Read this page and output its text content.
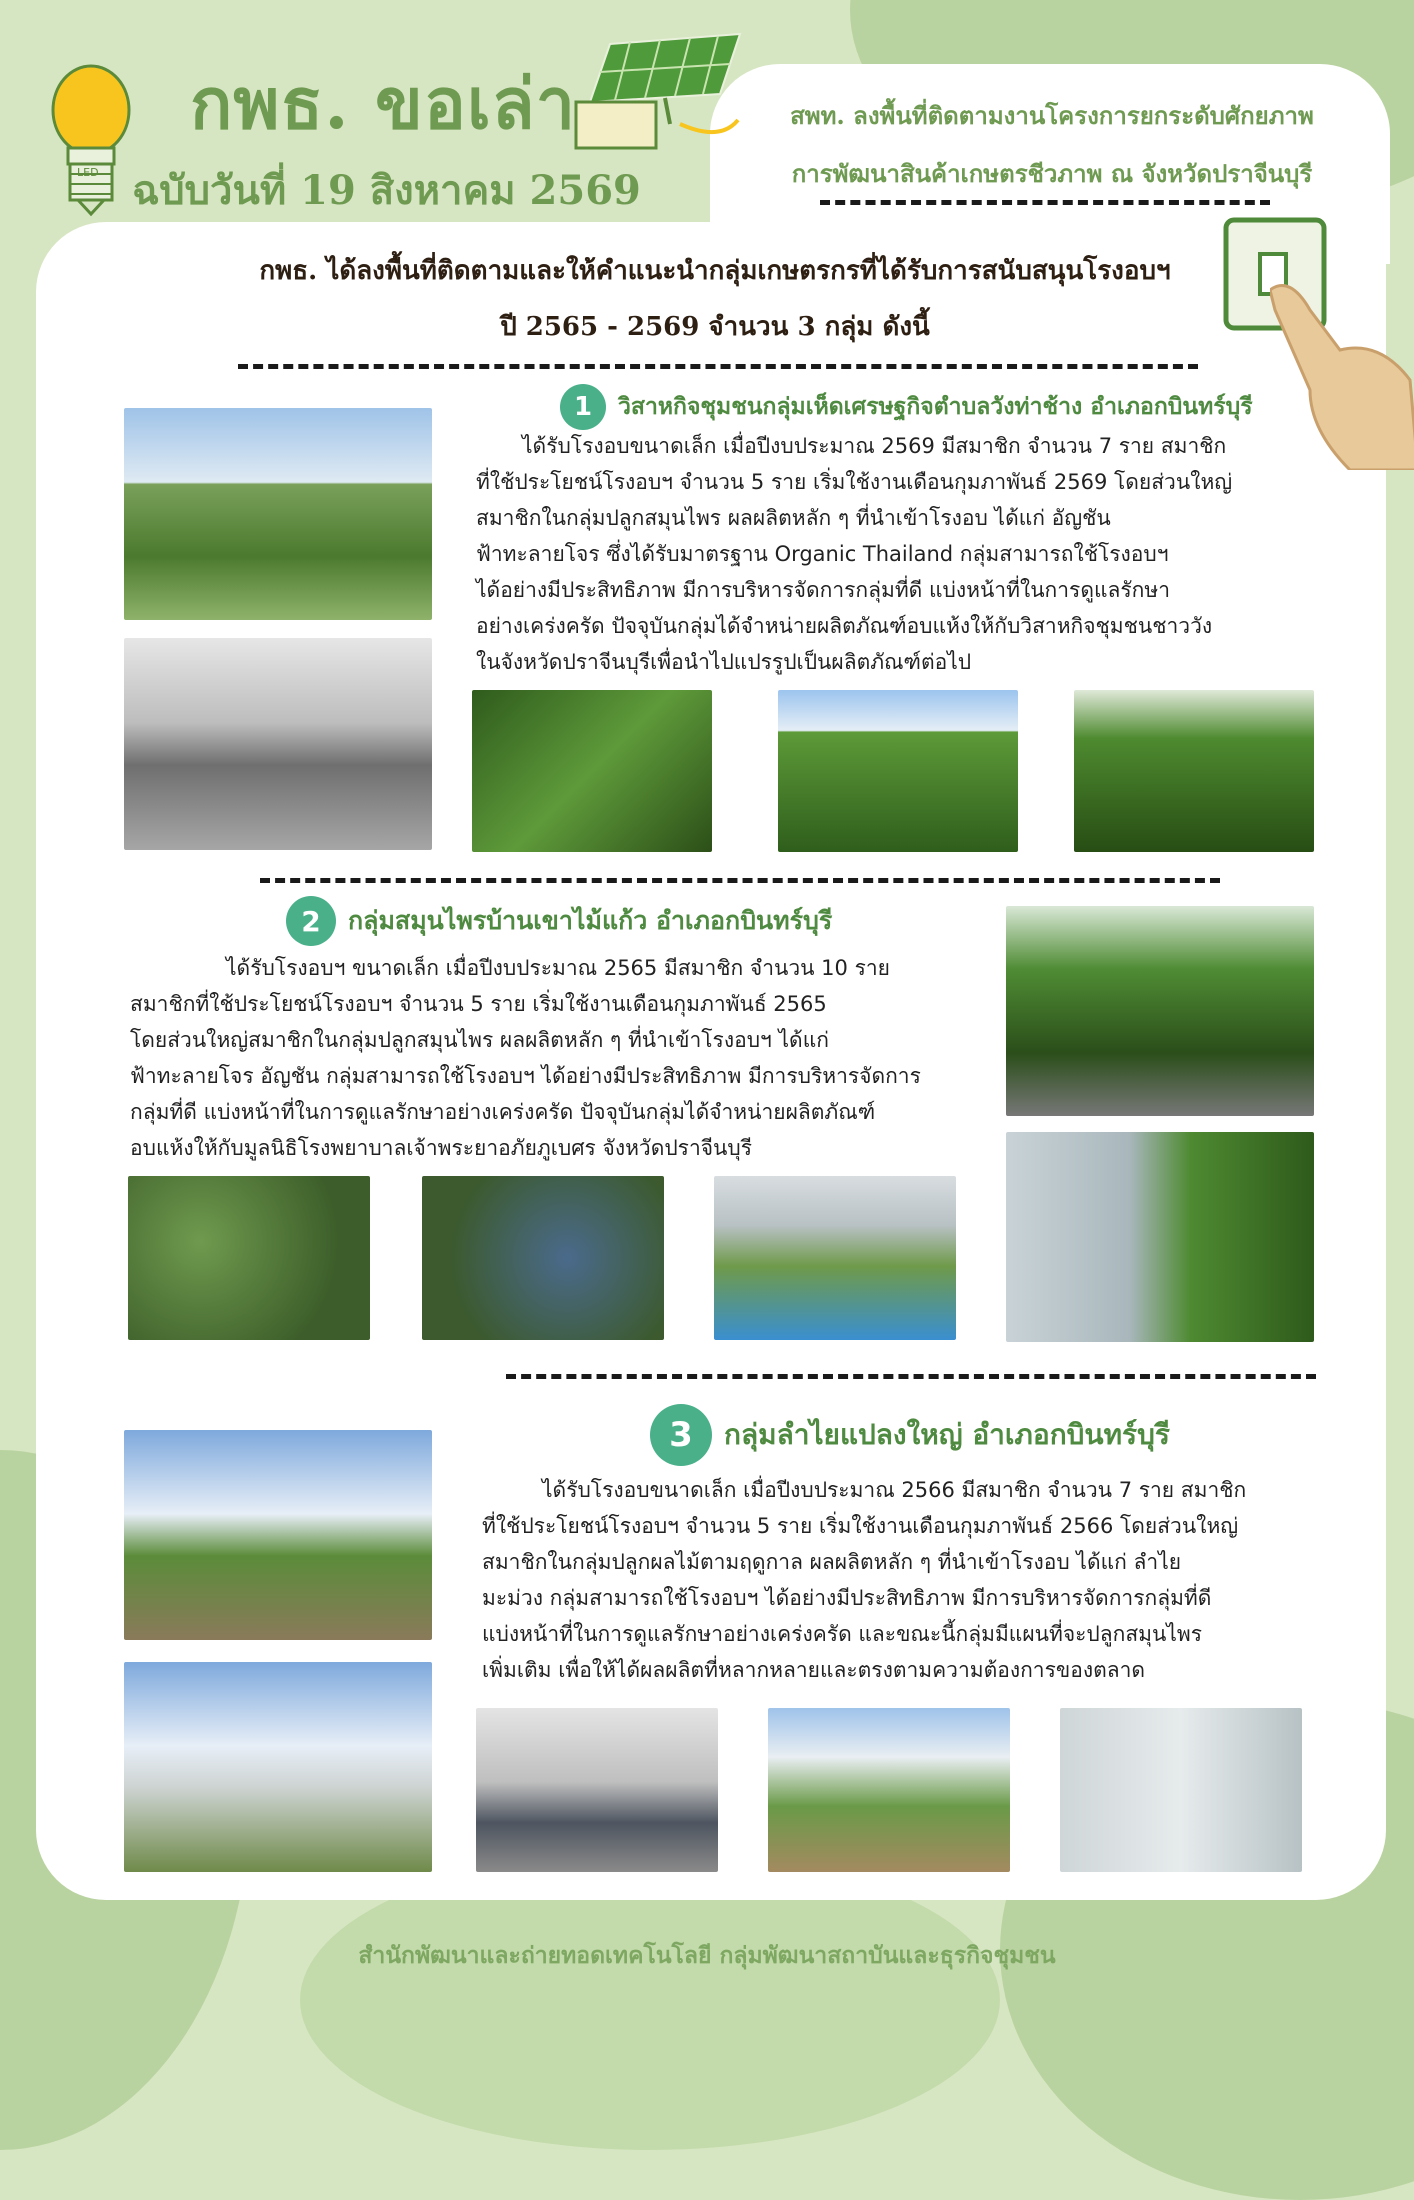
LED
กพธ. ขอเล่า
ฉบับวันที่ 19 สิงหาคม 2569
สพท. ลงพื้นที่ติดตามงานโครงการยกระดับศักยภาพ
การพัฒนาสินค้าเกษตรชีวภาพ ณ จังหวัดปราจีนบุรี
กพธ. ได้ลงพื้นที่ติดตามและให้คำแนะนำกลุ่มเกษตรกรที่ได้รับการสนับสนุนโรงอบฯ
ปี 2565 - 2569 จำนวน 3 กลุ่ม ดังนี้
1	วิสาหกิจชุมชนกลุ่มเห็ดเศรษฐกิจตำบลวังท่าช้าง อำเภอกบินทร์บุรี
ได้รับโรงอบขนาดเล็ก เมื่อปีงบประมาณ 2569 มีสมาชิก จำนวน 7 ราย สมาชิก
ที่ใช้ประโยชน์โรงอบฯ จำนวน 5 ราย เริ่มใช้งานเดือนกุมภาพันธ์ 2569 โดยส่วนใหญ่
สมาชิกในกลุ่มปลูกสมุนไพร ผลผลิตหลัก ๆ ที่นำเข้าโรงอบ ได้แก่ อัญชัน
ฟ้าทะลายโจร ซึ่งได้รับมาตรฐาน Organic Thailand กลุ่มสามารถใช้โรงอบฯ
ได้อย่างมีประสิทธิภาพ มีการบริหารจัดการกลุ่มที่ดี แบ่งหน้าที่ในการดูแลรักษา
อย่างเคร่งครัด ปัจจุบันกลุ่มได้จำหน่ายผลิตภัณฑ์อบแห้งให้กับวิสาหกิจชุมชนชาววัง
ในจังหวัดปราจีนบุรีเพื่อนำไปแปรรูปเป็นผลิตภัณฑ์ต่อไป
2	กลุ่มสมุนไพรบ้านเขาไม้แก้ว อำเภอกบินทร์บุรี
ได้รับโรงอบฯ ขนาดเล็ก เมื่อปีงบประมาณ 2565 มีสมาชิก จำนวน 10 ราย
สมาชิกที่ใช้ประโยชน์โรงอบฯ จำนวน 5 ราย เริ่มใช้งานเดือนกุมภาพันธ์ 2565
โดยส่วนใหญ่สมาชิกในกลุ่มปลูกสมุนไพร ผลผลิตหลัก ๆ ที่นำเข้าโรงอบฯ ได้แก่
ฟ้าทะลายโจร อัญชัน กลุ่มสามารถใช้โรงอบฯ ได้อย่างมีประสิทธิภาพ มีการบริหารจัดการ
กลุ่มที่ดี แบ่งหน้าที่ในการดูแลรักษาอย่างเคร่งครัด ปัจจุบันกลุ่มได้จำหน่ายผลิตภัณฑ์
อบแห้งให้กับมูลนิธิโรงพยาบาลเจ้าพระยาอภัยภูเบศร จังหวัดปราจีนบุรี
3	กลุ่มลำไยแปลงใหญ่ อำเภอกบินทร์บุรี
ได้รับโรงอบขนาดเล็ก เมื่อปีงบประมาณ 2566 มีสมาชิก จำนวน 7 ราย สมาชิก
ที่ใช้ประโยชน์โรงอบฯ จำนวน 5 ราย เริ่มใช้งานเดือนกุมภาพันธ์ 2566 โดยส่วนใหญ่
สมาชิกในกลุ่มปลูกผลไม้ตามฤดูกาล ผลผลิตหลัก ๆ ที่นำเข้าโรงอบ ได้แก่ ลำไย
มะม่วง กลุ่มสามารถใช้โรงอบฯ ได้อย่างมีประสิทธิภาพ มีการบริหารจัดการกลุ่มที่ดี
แบ่งหน้าที่ในการดูแลรักษาอย่างเคร่งครัด และขณะนี้กลุ่มมีแผนที่จะปลูกสมุนไพร
เพิ่มเติม เพื่อให้ได้ผลผลิตที่หลากหลายและตรงตามความต้องการของตลาด
สำนักพัฒนาและถ่ายทอดเทคโนโลยี กลุ่มพัฒนาสถาบันและธุรกิจชุมชน
